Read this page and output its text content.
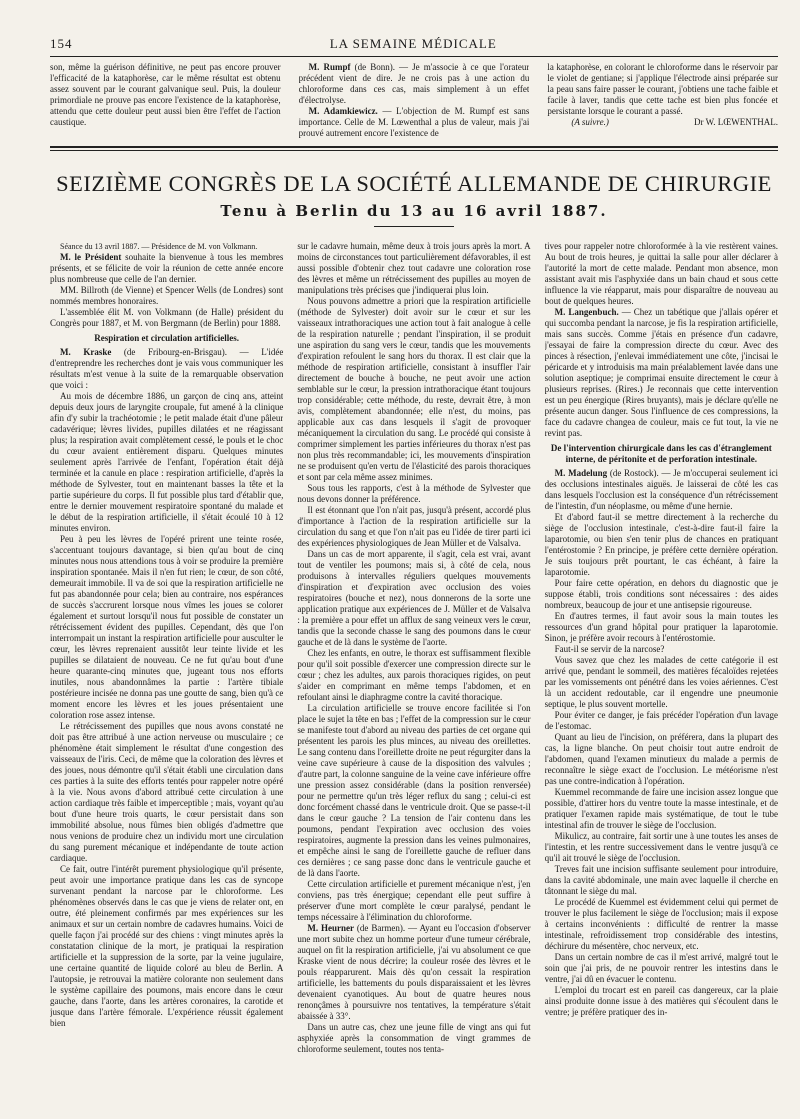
154	LA SEMAINE MÉDICALE

son, même la guérison définitive, ne peut pas encore prouver l'efficacité de la kataphorèse, car le même résultat est obtenu assez souvent par le courant galvanique seul. Puis, la douleur primordiale ne prouve pas encore l'existence de la kataphorèse, attendu que cette douleur peut aussi bien être l'effet de l'action caustique.

M. Rumpf (de Bonn). — Je m'associe à ce que l'orateur précédent vient de dire. Je ne crois pas à une action du chloroforme dans ces cas, mais simplement à un effet d'électrolyse.

M. Adamkiewicz. — L'objection de M. Rumpf est sans importance. Celle de M. Lœwenthal a plus de valeur, mais j'ai prouvé autrement encore l'existence de

la kataphorèse, en colorant le chloroforme dans le réservoir par le violet de gentiane; si j'applique l'électrode ainsi préparée sur la peau sans faire passer le courant, j'obtiens une tache faible et facile à laver, tandis que cette tache est bien plus foncée et persistante lorsque le courant a passé.

(A suivre.)	Dr W. LŒWENTHAL.
SEIZIÈME CONGRÈS DE LA SOCIÉTÉ ALLEMANDE DE CHIRURGIE
Tenu à Berlin du 13 au 16 avril 1887.

Séance du 13 avril 1887. — Présidence de M. von Volkmann.

M. le Président souhaite la bienvenue à tous les membres présents, et se félicite de voir la réunion de cette année encore plus nombreuse que celle de l'an dernier.

MM. Billroth (de Vienne) et Spencer Wells (de Londres) sont nommés membres honoraires.

L'assemblée élit M. von Volkmann (de Halle) président du Congrès pour 1887, et M. von Bergmann (de Berlin) pour 1888.

Respiration et circulation artificielles.

M. Kraske (de Fribourg-en-Brisgau). — L'idée d'entreprendre les recherches dont je vais vous communiquer les résultats m'est venue à la suite de la remarquable observation que voici :

Au mois de décembre 1886, un garçon de cinq ans, atteint depuis deux jours de laryngite croupale, fut amené à la clinique afin d'y subir la trachéotomie ; le petit malade était d'une pâleur cadavérique; lèvres livides, pupilles dilatées et ne réagissant plus; la respiration avait complètement cessé, le pouls et le choc du cœur avaient entièrement disparu. Quelques minutes seulement après l'arrivée de l'enfant, l'opération était déjà terminée et la canule en place : respiration artificielle, d'après la méthode de Sylvester, tout en maintenant basses la tête et la partie supérieure du corps. Il fut possible plus tard d'établir que, entre le dernier mouvement respiratoire spontané du malade et le début de la respiration artificielle, il s'était écoulé 10 à 12 minutes environ.

Peu à peu les lèvres de l'opéré prirent une teinte rosée, s'accentuant toujours davantage, si bien qu'au bout de cinq minutes nous nous attendions tous à voir se produire la première inspiration spontanée. Mais il n'en fut rien; le cœur, de son côté, demeurait immobile. Il va de soi que la respiration artificielle ne fut pas abandonnée pour cela; bien au contraire, nos espérances de succès s'accrurent lorsque nous vîmes les joues se colorer également et surtout lorsqu'il nous fut possible de constater un rétrécissement évident des pupilles. Cependant, dès que l'on interrompait un instant la respiration artificielle pour ausculter le cœur, les lèvres reprenaient aussitôt leur teinte livide et les pupilles se dilataient de nouveau. Ce ne fut qu'au bout d'une heure quarante-cinq minutes que, jugeant tous nos efforts inutiles, nous abandonnâmes la partie : l'artère tibiale postérieure incisée ne donna pas une goutte de sang, bien qu'à ce moment encore les lèvres et les joues présentaient une coloration rose assez intense.

Le rétrécissement des pupilles que nous avons constaté ne doit pas être attribué à une action nerveuse ou musculaire ; ce phénomène était simplement le résultat d'une congestion des vaisseaux de l'iris. Ceci, de même que la coloration des lèvres et des joues, nous démontre qu'il s'était établi une circulation dans ces parties à la suite des efforts tentés pour rappeler notre opéré à la vie. Nous avons d'abord attribué cette circulation à une action cardiaque très faible et imperceptible ; mais, voyant qu'au bout d'une heure trois quarts, le cœur persistait dans son immobilité absolue, nous fûmes bien obligés d'admettre que nous venions de produire chez un individu mort une circulation du sang purement mécanique et indépendante de toute action cardiaque.

Ce fait, outre l'intérêt purement physiologique qu'il présente, peut avoir une importance pratique dans les cas de syncope survenant pendant la narcose par le chloroforme. Les phénomènes observés dans le cas que je viens de relater ont, en outre, été pleinement confirmés par mes expériences sur les animaux et sur un certain nombre de cadavres humains. Voici de quelle façon j'ai procédé sur des chiens : vingt minutes après la constatation clinique de la mort, je pratiquai la respiration artificielle et la suppression de la sorte, par la veine jugulaire, une certaine quantité de liquide coloré au bleu de Berlin. A l'autopsie, je retrouvai la matière colorante non seulement dans le système capillaire des poumons, mais encore dans le cœur gauche, dans l'aorte, dans les artères coronaires, la carotide et jusque dans l'artère fémorale. L'expérience réussit également bien

sur le cadavre humain, même deux à trois jours après la mort. A moins de circonstances tout particulièrement défavorables, il est aussi possible d'obtenir chez tout cadavre une coloration rose des lèvres et même un rétrécissement des pupilles au moyen de manipulations très précises que j'indiquerai plus loin.

Nous pouvons admettre a priori que la respiration artificielle (méthode de Sylvester) doit avoir sur le cœur et sur les vaisseaux intrathoraciques une action tout à fait analogue à celle de la respiration naturelle ; pendant l'inspiration, il se produit une aspiration du sang vers le cœur, tandis que les mouvements d'expiration refoulent le sang hors du thorax. Il est clair que la méthode de respiration artificielle, consistant à insuffler l'air directement de bouche à bouche, ne peut avoir une action semblable sur le cœur, la pression intrathoracique étant toujours trop considérable; cette méthode, du reste, devrait être, à mon avis, complètement abandonnée; elle n'est, du moins, pas applicable aux cas dans lesquels il s'agit de provoquer mécaniquement la circulation du sang. Le procédé qui consiste à comprimer simplement les parties inférieures du thorax n'est pas non plus très recommandable; ici, les mouvements d'inspiration ne se produisent qu'en vertu de l'élasticité des parois thoraciques et sont par cela même assez minimes.

Sous tous les rapports, c'est à la méthode de Sylvester que nous devons donner la préférence.

Il est étonnant que l'on n'ait pas, jusqu'à présent, accordé plus d'importance à l'action de la respiration artificielle sur la circulation du sang et que l'on n'ait pas eu l'idée de tirer parti ici des expériences physiologiques de Jean Müller et de Valsalva.

Dans un cas de mort apparente, il s'agit, cela est vrai, avant tout de ventiler les poumons; mais si, à côté de cela, nous produisons à intervalles réguliers quelques mouvements d'inspiration et d'expiration avec occlusion des voies respiratoires (bouche et nez), nous donnerons de la sorte une application pratique aux expériences de J. Müller et de Valsalva : la première a pour effet un afflux de sang veineux vers le cœur, tandis que la seconde chasse le sang des poumons dans le cœur gauche et de là dans le système de l'aorte.

Chez les enfants, en outre, le thorax est suffisamment flexible pour qu'il soit possible d'exercer une compression directe sur le cœur ; chez les adultes, aux parois thoraciques rigides, on peut s'aider en comprimant en même temps l'abdomen, et en refoulant ainsi le diaphragme contre la cavité thoracique.

La circulation artificielle se trouve encore facilitée si l'on place le sujet la tête en bas ; l'effet de la compression sur le cœur se manifeste tout d'abord au niveau des parties de cet organe qui présentent les parois les plus minces, au niveau des oreillettes. Le sang contenu dans l'oreillette droite ne peut régurgiter dans la veine cave supérieure à cause de la disposition des valvules ; d'autre part, la colonne sanguine de la veine cave inférieure offre une pression assez considérable (dans la position renversée) pour ne permettre qu'un très léger reflux du sang ; celui-ci est donc forcément chassé dans le ventricule droit. Que se passe-t-il dans le cœur gauche ? La tension de l'air contenu dans les poumons, pendant l'expiration avec occlusion des voies respiratoires, augmente la pression dans les veines pulmonaires, et empêche ainsi le sang de l'oreillette gauche de refluer dans ces dernières ; ce sang passe donc dans le ventricule gauche et de là dans l'aorte.

Cette circulation artificielle et purement mécanique n'est, j'en conviens, pas très énergique; cependant elle peut suffire à préserver d'une mort complète le cœur paralysé, pendant le temps nécessaire à l'élimination du chloroforme.

M. Heurner (de Barmen). — Ayant eu l'occasion d'observer une mort subite chez un homme porteur d'une tumeur cérébrale, auquel on fit la respiration artificielle, j'ai vu absolument ce que Kraske vient de nous décrire; la couleur rosée des lèvres et le pouls réapparurent. Mais dès qu'on cessait la respiration artificielle, les battements du pouls disparaissaient et les lèvres devenaient cyanotiques. Au bout de quatre heures nous renonçâmes à poursuivre nos tentatives, la température s'était abaissée à 33°.

Dans un autre cas, chez une jeune fille de vingt ans qui fut asphyxiée après la consommation de vingt grammes de chloroforme seulement, toutes nos tenta-

tives pour rappeler notre chloroformée à la vie restèrent vaines. Au bout de trois heures, je quittai la salle pour aller déclarer à l'autorité la mort de cette malade. Pendant mon absence, mon assistant avait mis l'asphyxiée dans un bain chaud et sous cette influence la vie réapparut, mais pour disparaître de nouveau au bout de quelques heures.

M. Langenbuch. — Chez un tabétique que j'allais opérer et qui succomba pendant la narcose, je fis la respiration artificielle, mais sans succès. Comme j'étais en présence d'un cadavre, j'essayai de faire la compression directe du cœur. Avec des pinces à résection, j'enlevai immédiatement une côte, j'incisai le péricarde et y introduisis ma main préalablement lavée dans une solution aseptique; je comprimai ensuite directement le cœur à plusieurs reprises. (Rires.) Je reconnais que cette intervention est un peu énergique (Rires bruyants), mais je déclare qu'elle ne présente aucun danger. Sous l'influence de ces compressions, la face du cadavre changea de couleur, mais ce fut tout, la vie ne revint pas.

De l'intervention chirurgicale dans les cas d'étranglement interne, de péritonite et de perforation intestinale.

M. Madelung (de Rostock). — Je m'occuperai seulement ici des occlusions intestinales aiguës. Je laisserai de côté les cas dans lesquels l'occlusion est la conséquence d'un rétrécissement de l'intestin, d'un néoplasme, ou même d'une hernie.

Et d'abord faut-il se mettre directement à la recherche du siège de l'occlusion intestinale, c'est-à-dire faut-il faire la laparotomie, ou bien s'en tenir plus de chances en pratiquant l'entérostomie ? En principe, je préfère cette dernière opération. Je suis toujours prêt pourtant, le cas échéant, à faire la laparotomie.

Pour faire cette opération, en dehors du diagnostic que je suppose établi, trois conditions sont nécessaires : des aides nombreux, beaucoup de jour et une antisepsie rigoureuse.

En d'autres termes, il faut avoir sous la main toutes les ressources d'un grand hôpital pour pratiquer la laparotomie. Sinon, je préfère avoir recours à l'entérostomie.

Faut-il se servir de la narcose?

Vous savez que chez les malades de cette catégorie il est arrivé que, pendant le sommeil, des matières fécaloïdes rejetées par les vomissements ont pénétré dans les voies aériennes. C'est là un accident redoutable, car il engendre une pneumonie septique, le plus souvent mortelle.

Pour éviter ce danger, je fais précéder l'opération d'un lavage de l'estomac.

Quant au lieu de l'incision, on préférera, dans la plupart des cas, la ligne blanche. On peut choisir tout autre endroit de l'abdomen, quand l'examen minutieux du malade a permis de reconnaître le siège exact de l'occlusion. Le météorisme n'est pas une contre-indication à l'opération.

Kuemmel recommande de faire une incision assez longue que possible, d'attirer hors du ventre toute la masse intestinale, et de pratiquer l'examen rapide mais systématique, de tout le tube intestinal afin de trouver le siège de l'occlusion.

Mikulicz, au contraire, fait sortir une à une toutes les anses de l'intestin, et les rentre successivement dans le ventre jusqu'à ce qu'il ait trouvé le siège de l'occlusion.

Treves fait une incision suffisante seulement pour introduire, dans la cavité abdominale, une main avec laquelle il cherche en tâtonnant le siège du mal.

Le procédé de Kuemmel est évidemment celui qui permet de trouver le plus facilement le siège de l'occlusion; mais il expose à certains inconvénients : difficulté de rentrer la masse intestinale, refroidissement trop considérable des intestins, déchirure du mésentère, choc nerveux, etc.

Dans un certain nombre de cas il m'est arrivé, malgré tout le soin que j'ai pris, de ne pouvoir rentrer les intestins dans le ventre, j'ai dû en évacuer le contenu.

L'emploi du trocart est en pareil cas dangereux, car la plaie ainsi produite donne issue à des matières qui s'écoulent dans le ventre; je préfère pratiquer des in-
